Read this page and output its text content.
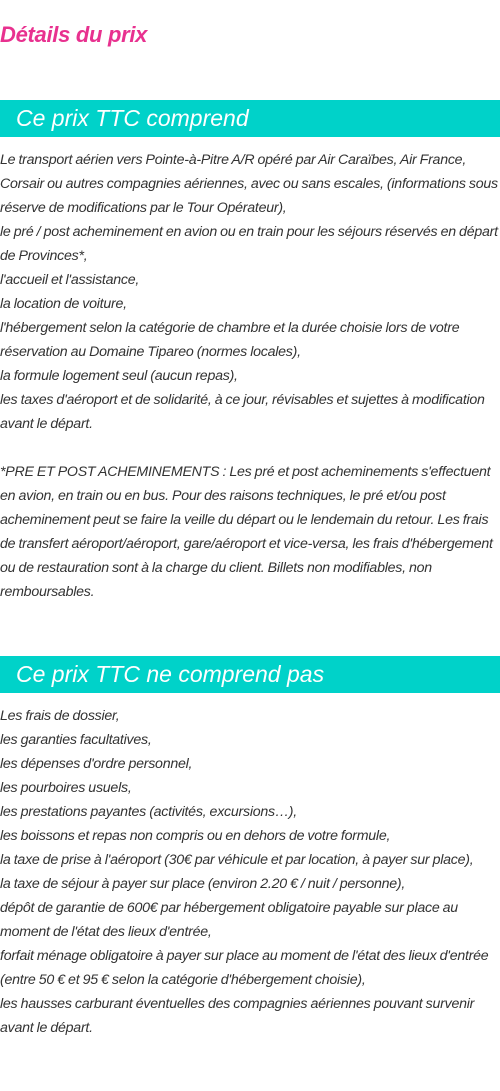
Détails du prix
Ce prix TTC comprend
Le transport aérien vers Pointe-à-Pitre A/R opéré par Air Caraïbes, Air France, Corsair ou autres compagnies aériennes, avec ou sans escales, (informations sous réserve de modifications par le Tour Opérateur),
le pré / post acheminement en avion ou en train pour les séjours réservés en départ de Provinces*,
l'accueil et l'assistance,
la location de voiture,
l'hébergement selon la catégorie de chambre et la durée choisie lors de votre réservation au Domaine Tipareo (normes locales),
la formule logement seul (aucun repas),
les taxes d'aéroport et de solidarité, à ce jour, révisables et sujettes à modification avant le départ.
*PRE ET POST ACHEMINEMENTS : Les pré et post acheminements s'effectuent en avion, en train ou en bus. Pour des raisons techniques, le pré et/ou post acheminement peut se faire la veille du départ ou le lendemain du retour. Les frais de transfert aéroport/aéroport, gare/aéroport et vice-versa, les frais d'hébergement ou de restauration sont à la charge du client. Billets non modifiables, non remboursables.
Ce prix TTC ne comprend pas
Les frais de dossier,
les garanties facultatives,
les dépenses d'ordre personnel,
les pourboires usuels,
les prestations payantes (activités, excursions…),
les boissons et repas non compris ou en dehors de votre formule,
la taxe de prise à l'aéroport (30€ par véhicule et par location, à payer sur place),
la taxe de séjour à payer sur place (environ 2.20 € / nuit / personne),
dépôt de garantie de 600€ par hébergement obligatoire payable sur place au moment de l'état des lieux d'entrée,
forfait ménage obligatoire à payer sur place au moment de l'état des lieux d'entrée (entre 50 € et 95 € selon la catégorie d'hébergement choisie),
les hausses carburant éventuelles des compagnies aériennes pouvant survenir avant le départ.
